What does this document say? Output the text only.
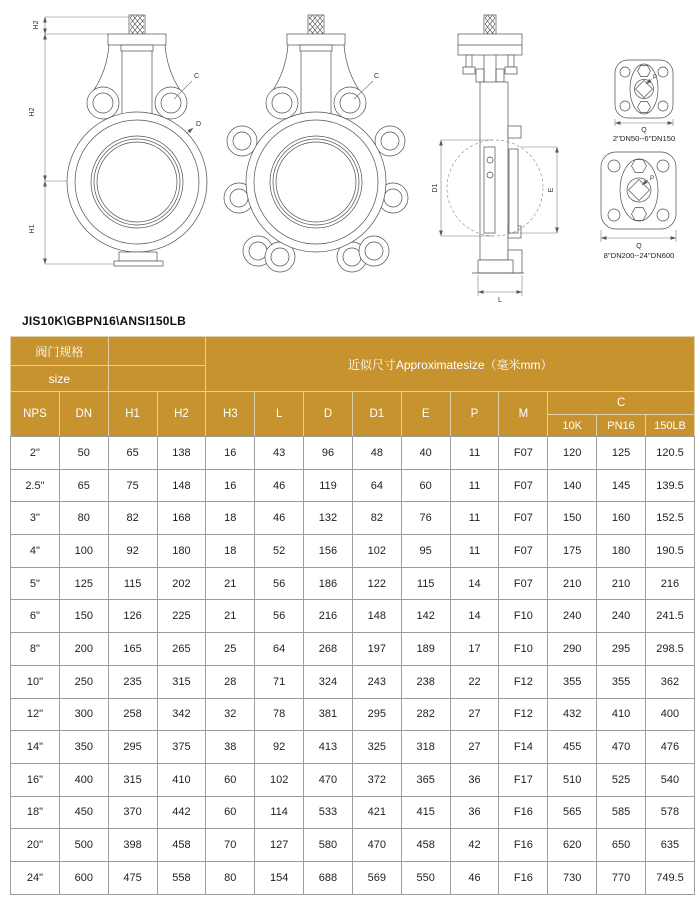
H2
H2
H1
C
D
C
D1	E
L
P
Q
2''DN50--6''DN150
P
Q
8''DN200--24''DN600
JIS10K\GBPN16\ANSI150LB
阀门规格				近似尺寸Approximatesize（毫米mm）									
size													
NPS	DN	H1	H2	H3	L	D	D1	E	P	M	C		
											10K	PN16	150LB
2"	50	65	138	16	43	96	48	40	11	F07	120	125	120.5
2.5"	65	75	148	16	46	119	64	60	11	F07	140	145	139.5
3"	80	82	168	18	46	132	82	76	11	F07	150	160	152.5
4"	100	92	180	18	52	156	102	95	11	F07	175	180	190.5
5"	125	115	202	21	56	186	122	115	14	F07	210	210	216
6"	150	126	225	21	56	216	148	142	14	F10	240	240	241.5
8"	200	165	265	25	64	268	197	189	17	F10	290	295	298.5
10"	250	235	315	28	71	324	243	238	22	F12	355	355	362
12"	300	258	342	32	78	381	295	282	27	F12	432	410	400
14"	350	295	375	38	92	413	325	318	27	F14	455	470	476
16"	400	315	410	60	102	470	372	365	36	F17	510	525	540
18"	450	370	442	60	114	533	421	415	36	F16	565	585	578
20"	500	398	458	70	127	580	470	458	42	F16	620	650	635
24"	600	475	558	80	154	688	569	550	46	F16	730	770	749.5
